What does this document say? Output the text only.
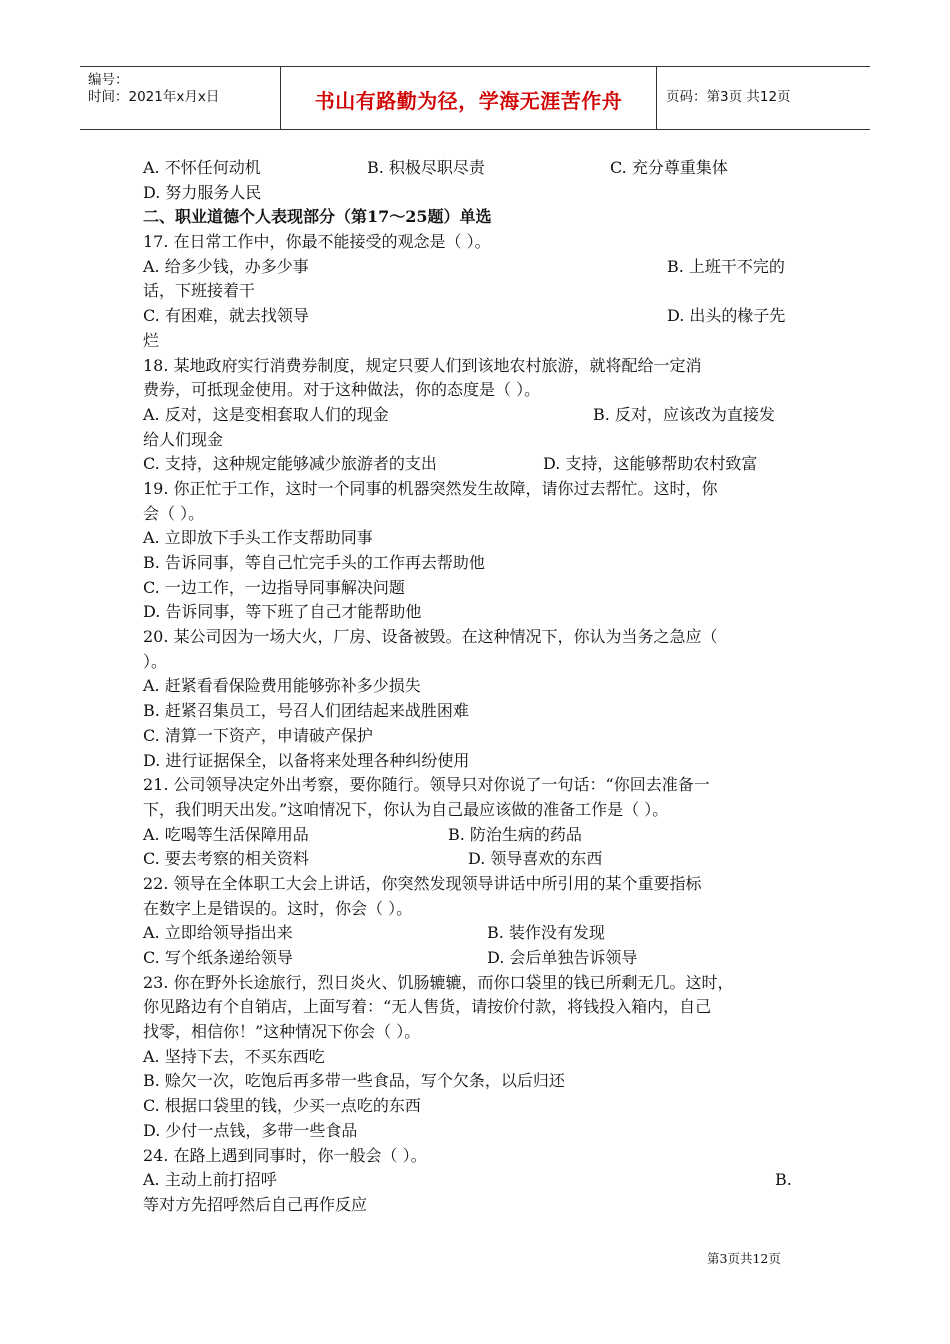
编号：
时间：2021年x月x日	书山有路勤为径，学海无涯苦作舟	页码：第3页 共12页
A. 不怀任何动机	B. 积极尽职尽责	C. 充分尊重集体
D. 努力服务人民
二、职业道德个人表现部分（第17～25题）单选
17. 在日常工作中，你最不能接受的观念是（ ）。
A. 给多少钱，办多少事	B. 上班干不完的
话，下班接着干
C. 有困难，就去找领导	D. 出头的椽子先
烂
18. 某地政府实行消费券制度，规定只要人们到该地农村旅游，就将配给一定消
费券，可抵现金使用。对于这种做法，你的态度是（ ）。
A. 反对，这是变相套取人们的现金	B. 反对，应该改为直接发
给人们现金
C. 支持，这种规定能够减少旅游者的支出	D. 支持，这能够帮助农村致富
19. 你正忙于工作，这时一个同事的机器突然发生故障，请你过去帮忙。这时，你
会（ ）。
A. 立即放下手头工作支帮助同事
B. 告诉同事，等自己忙完手头的工作再去帮助他
C. 一边工作，一边指导同事解决问题
D. 告诉同事，等下班了自己才能帮助他
20. 某公司因为一场大火，厂房、设备被毁。在这种情况下，你认为当务之急应（
）。
A. 赶紧看看保险费用能够弥补多少损失
B. 赶紧召集员工，号召人们团结起来战胜困难
C. 清算一下资产，申请破产保护
D. 进行证据保全，以备将来处理各种纠纷使用
21. 公司领导决定外出考察，要你随行。领导只对你说了一句话：“你回去准备一
下，我们明天出发。”这咱情况下，你认为自己最应该做的准备工作是（ ）。
A. 吃喝等生活保障用品	B. 防治生病的药品
C. 要去考察的相关资料	D. 领导喜欢的东西
22. 领导在全体职工大会上讲话，你突然发现领导讲话中所引用的某个重要指标
在数字上是错误的。这时，你会（ ）。
A. 立即给领导指出来	B. 装作没有发现
C. 写个纸条递给领导	D. 会后单独告诉领导
23. 你在野外长途旅行，烈日炎火、饥肠辘辘，而你口袋里的钱已所剩无几。这时，
你见路边有个自销店，上面写着：“无人售货，请按价付款，将钱投入箱内，自己
找零，相信你！”这种情况下你会（ ）。
A. 坚持下去，不买东西吃
B. 赊欠一次，吃饱后再多带一些食品，写个欠条，以后归还
C. 根据口袋里的钱，少买一点吃的东西
D. 少付一点钱，多带一些食品
24. 在路上遇到同事时，你一般会（ ）。
A. 主动上前打招呼	B.
等对方先招呼然后自己再作反应
第3页共12页
